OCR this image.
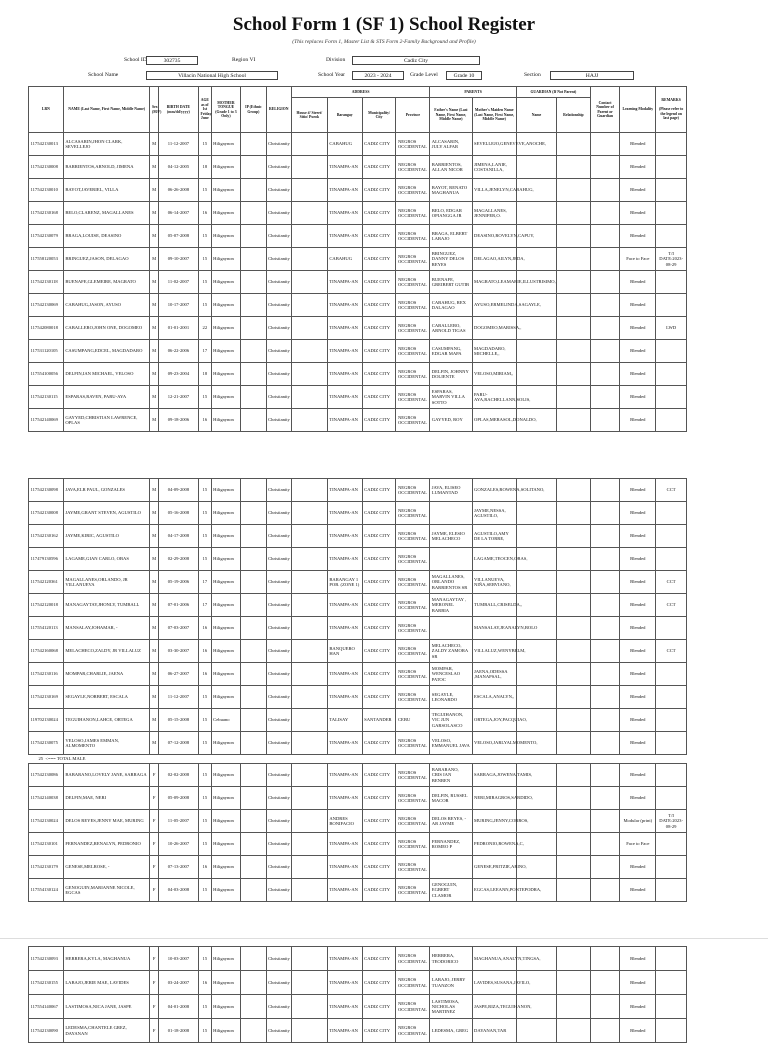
School Form 1 (SF 1) School Register
(This replaces Form 1, Master List & STS Form 2-Family Background and Profile)
School ID	302735	Region VI	Division	Cadiz City
School Name	Villacin National High School	School Year	2023 - 2024	Grade Level	Grade 10	Section	HAJJ
LRN	NAME (Last Name, First Name, Middle Name)	Sex (M/F)	BIRTH DATE (mm/dd/yyyy)	AGE as of 1st Friday June	MOTHER TONGUE (Grade 1 to 3 Only)	IP (Ethnic Group)	RELIGION	ADDRESS				PARENTS		GUARDIAN (If Not Parent)		Contact Number of Parent or Guardian	Learning Modality	REMARKS

(Please refer to the legend on last page)
								House #/ Street/ Sitio/ Purok	Barangay	Municipality/ City	Province	Father's Name (Last Name, First Name, Middle Name)	Mother's Maiden Name (Last Name, First Name, Middle Name)	Name	Relationship			
117542130013	ALCASARIN,JHON CLARK, SEVELLEJO	M	11-12-2007	15	Hiligaynon		Christianity		CABAHUG	CADIZ CITY	NEGROS OCCIDENTAL	ALCASARIN, JULY ALFAR	SEVELLEJO,GENEVEVE,ANOCHE,				Blended	
117542130008	BARRIENTOS,ARNOLD, JIMENA	M	04-12-2005	18	Hiligaynon		Christianity		TINAMPA-AN	CADIZ CITY	NEGROS OCCIDENTAL	BARRIENTOS, ALLAN NICOR	JIMENA,LANIE, COSTANILLA,				Blended	
117542130010	BAYOT,JAVERIEL, VILLA	M	06-26-2008	15	Hiligaynon		Christianity		TINAMPA-AN	CADIZ CITY	NEGROS OCCIDENTAL	BAYOT, RENATO MAGHANUA	VILLA,JENELYN,CABAHUG,				Blended	
117542130168	BELO,CLARENZ, MAGALLANES	M	06-14-2007	16	Hiligaynon		Christianity		TINAMPA-AN	CADIZ CITY	NEGROS OCCIDENTAL	BELO, EDGAR OPIANGGA JR	MAGALLANES, JENNIFER,O.				Blended	
117542130079	BRAGA,LOUISE, DEASINO	M	05-07-2008	15	Hiligaynon		Christianity		TINAMPA-AN	CADIZ CITY	NEGROS OCCIDENTAL	BRAGA, ELBERT LABAJO	DEASINO,ROVELYN,CAPUY,				Blended	
117558120053	BRINGUEZ,JASON, DELAGAO	M	09-10-2007	15	Hiligaynon		Christianity		CABAHUG	CADIZ CITY	NEGROS OCCIDENTAL	BRINGUEZ, DANNY DELOS REYES	DELAGAO,AILYN,JEDA,				Face to Face	T/I DATE:2023-08-29
117542130118	BUENAFE,GLEMEIRE, MAGRATO	M	11-02-2007	15	Hiligaynon		Christianity		TINAMPA-AN	CADIZ CITY	NEGROS OCCIDENTAL	BUENAFE, GREIBERT GUTIB	MAGRATO,LEAMARIE,ILLUSTRISIMO,				Blended	
117542130069	CABAHUG,JASON, AYUSO	M	10-17-2007	15	Hiligaynon		Christianity		TINAMPA-AN	CADIZ CITY	NEGROS OCCIDENTAL	CABAHUG, REX DALAGAO	AYUSO,ERMELINDA,SAGAYLE,				Blended	
117542080018	CABALLERO,JOHN ONE, DOGOMEO	M	01-01-2001	22	Hiligaynon		Christianity		TINAMPA-AN	CADIZ CITY	NEGROS OCCIDENTAL	CABALLERO, ARNOLD TIGAS	DOGOMEO,MARISSA,,				Blended	LWD
117531120105	CASUMPANG,EDCEL, MAGDADARO	M	06-22-2006	17	Hiligaynon		Christianity		TINAMPA-AN	CADIZ CITY	NEGROS OCCIDENTAL	CASUMPANG, EDGAR MAPA	MAGDADARO, MICHELLE,,				Blended	
117554100056	DELFIN,IAN MICHAEL, VELOSO	M	09-23-2004	18	Hiligaynon		Christianity		TINAMPA-AN	CADIZ CITY	NEGROS OCCIDENTAL	DELFIN, JOHNNY DOLIENTE	VELOSO,MIRIAM,,				Blended	
117542130115	ESPARAS,RAVEN, PARU-AYA	M	12-21-2007	15	Hiligaynon		Christianity		TINAMPA-AN	CADIZ CITY	NEGROS OCCIDENTAL	ESPARAS, MARVIN VILLA SOTTO	PARU-AYA,RACHELLANN,SOLIS,				Blended	
117542140069	GAYYED,CHRISTIAN LAWRENCE, OPLAS	M	09-18-2006	16	Hiligaynon		Christianity		TINAMPA-AN	CADIZ CITY	NEGROS OCCIDENTAL	GAYYED, ROY	OPLAS,MERASOL,DONALDO,				Blended	
117542130098	JAVA,ELR PAUL, GONZALES	M	04-09-2008	15	Hiligaynon		Christianity		TINAMPA-AN	CADIZ CITY	NEGROS OCCIDENTAL	JAVA, ELISEO LUMANTAD	GONZALES,ROWENA,SOLITANO,				Blended	CCT
117542130008	JAYME,GRANT STEVEN, AGUSTILO	M	05-16-2008	15	Hiligaynon		Christianity		TINAMPA-AN	CADIZ CITY	NEGROS OCCIDENTAL		JAYME,NESSA, AGUSTILO,				Blended	
117542130162	JAYME,KIRIC, AGUSTILO	M	04-17-2008	15	Hiligaynon		Christianity		TINAMPA-AN	CADIZ CITY	NEGROS OCCIDENTAL	JAYME, ELESIO MELACHECO	AGUSTILO,AMY DE LA TORRE,				Blended	
117479130596	LAGAME,GIAN CARLO, OBAS	M	02-29-2008	15	Hiligaynon		Christianity		TINAMPA-AN	CADIZ CITY	NEGROS OCCIDENTAL		LAGAME,TEOCEN,OBAS,				Blended	
117542120361	MAGALLANES,ORLANDO, JR VILLANUEVA	M	05-19-2006	17	Hiligaynon		Christianity		BARANGAY 1 POB. (ZONE 1)	CADIZ CITY	NEGROS OCCIDENTAL	MAGALLANES, ORLANDO BARRIENTOS SR	VILLANUEVA, NIÑA,SERVIANO,				Blended	CCT
117542120018	MANAGAYTAY,JHONLY, TUMBALL	M	07-01-2006	17	Hiligaynon		Christianity		TINAMPA-AN	CADIZ CITY	NEGROS OCCIDENTAL	MANAGAYTAY , MERONEL BARBIA	TUMBALL,CRISELDA,,				Blended	CCT
117554120113	MANSALAY,JOHAMAR, -	M	07-03-2007	16	Hiligaynon		Christianity		TINAMPA-AN	CADIZ CITY	NEGROS OCCIDENTAL		MANSALAY,JEANALYN,BOLO				Blended	
117542160068	MELACHECO,ZALDY, JR VILLALUZ	M	03-30-2007	16	Hiligaynon		Christianity		BANQUERO HAN	CADIZ CITY	NEGROS OCCIDENTAL	MELACHECO, ZALDY ZAMORA SR	VILLALUZ,WENYBELM,				Blended	CCT
117542130116	MOMPAR,CHARLIE, JAENA	M	06-27-2007	16	Hiligaynon		Christianity		TINAMPA-AN	CADIZ CITY	NEGROS OCCIDENTAL	MOMPAR, WENCESLAO PATOC	JAENA,ODESSA ,MANAPSAL,				Blended	
117542130169	SEGAYLE,NORBERT, ESCALA	M	11-12-2007	15	Hiligaynon		Christianity		TINAMPA-AN	CADIZ CITY	NEGROS OCCIDENTAL	SEGAYLE, LEONARDO	ESCALA,ANALYN,,				Blended	
119702130024	TEGUIHANON,LAHCE, ORTEGA	M	05-15-2008	15	Cebuano		Christianity		TALISAY	SANTANDER	CEBU	TEGUIHANON, VIC JUN GARSOLASCO	ORTEGA,JOY,PACQUIAO,				Blended	
117542130075	VELOSO,JAMES EMMAN, ALMOMENTO	M	07-12-2008	15	Hiligaynon		Christianity		TINAMPA-AN	CADIZ CITY	NEGROS OCCIDENTAL	VELOSO, EMMANUEL JAVA	VELOSO,JARLYALMOMENTO,				Blended	
25 <=== TOTAL MALE																		
117542130086	BABARANO,LOVELY JANE, SARRAGA	F	02-02-2008	15	Hiligaynon		Christianity		TINAMPA-AN	CADIZ CITY	NEGROS OCCIDENTAL	BABARANO, CRIS IAN BENREN	SARRAGA,JOWENA,TAMIS,				Blended	
117542140038	DELFIN,MAE, NERI	F	05-09-2008	15	Hiligaynon		Christianity		TINAMPA-AN	CADIZ CITY	NEGROS OCCIDENTAL	DELFIN, RUSSEL MACOR	NERI,MIRAGROS,SARDIDO,				Blended	
117542130024	DELOS REYES,JENNY MAE, MURING	F	11-05-2007	15	Hiligaynon		Christianity		ANDRES BONIFACIO	CADIZ CITY	NEGROS OCCIDENTAL	DELOS REYES, -AR JAYME	MURING,JENNY,CORROS,				Modular (print)	T/I DATE:2023-08-29
117542130101	FERNANDEZ,RENALYN, PEDRONIO	F	10-26-2007	15	Hiligaynon		Christianity		TINAMPA-AN	CADIZ CITY	NEGROS OCCIDENTAL	FERNANDEZ, ROMEO P	PEDRONIO,ROWENA,C,				Face to Face	
117542130179	GENESE,MELROSE, -	F	07-13-2007	16	Hiligaynon		Christianity		TINAMPA-AN	CADIZ CITY	NEGROS OCCIDENTAL		GENESE,FRITZIE,ARINO,				Blended	
117554130124	GENOGUIN,MARIANNE NICOLE, EGCAS	F	04-03-2008	15	Hiligaynon		Christianity		TINAMPA-AN	CADIZ CITY	NEGROS OCCIDENTAL	GENOGUIN, EGBERT CLAMOR	EGCAS,LEEANN,PONTEPODRA,				Blended	
117542130093	HERRERA,KYLA, MAGHANUA	F	10-03-2007	15	Hiligaynon		Christianity		TINAMPA-AN	CADIZ CITY	NEGROS OCCIDENTAL	HERRERA, TEODORICO	MAGHANUA,ANALYN,TINGSA,				Blended	
117542130155	LABAJO,JERIE MAE, LAVIDES	F	03-24-2007	16	Hiligaynon		Christianity		TINAMPA-AN	CADIZ CITY	NEGROS OCCIDENTAL	LABAJO, JERRY TUANZON	LAVIDES,SUSANA,JAVILO,				Blended	
117554140067	LASTIMOSA,NICA JANE, JASPE	F	04-01-2008	15	Hiligaynon		Christianity		TINAMPA-AN	CADIZ CITY	NEGROS OCCIDENTAL	LASTIMOSA, NICHOLAS MARTINEZ	JASPE,RIZA,TEGUIHANON,				Blended	
117542130090	LEDESMA,CHANTELE GREZ, DAYANAN	F	01-18-2008	15	Hiligaynon		Christianity		TINAMPA-AN	CADIZ CITY	NEGROS OCCIDENTAL	LEDESMA, GREG	DAYANAN,TAR				Blended	
